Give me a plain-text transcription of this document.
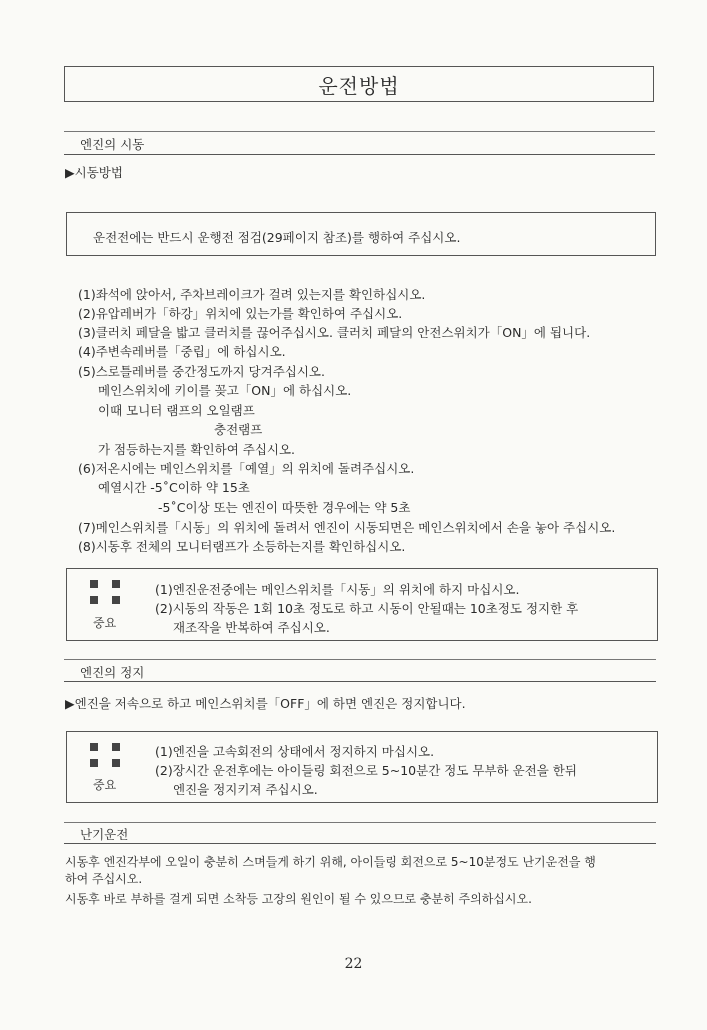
운전방법
엔진의 시동
▶시동방법
운전전에는 반드시 운행전 점검(29페이지 참조)를 행하여 주십시오.
(1)좌석에 앉아서, 주차브레이크가 걸려 있는지를 확인하십시오.
(2)유압레버가「하강」위치에 있는가를 확인하여 주십시오.
(3)클러치 페달을 밟고 클러치를 끊어주십시오. 클러치 페달의 안전스위치가「ON」에 됩니다.
(4)주변속레버를「중립」에 하십시오.
(5)스로틀레버를 중간정도까지 당겨주십시오.
메인스위치에 키이를 꽂고「ON」에 하십시오.
이때 모니터 램프의 오일램프
충전램프
가 점등하는지를 확인하여 주십시오.
(6)저온시에는 메인스위치를「예열」의 위치에 돌려주십시오.
예열시간 -5˚C이하 약 15초
-5˚C이상 또는 엔진이 따뜻한 경우에는 약 5초
(7)메인스위치를「시동」의 위치에 돌려서 엔진이 시동되면은 메인스위치에서 손을 놓아 주십시오.
(8)시동후 전체의 모니터램프가 소등하는지를 확인하십시오.
중요
(1)엔진운전중에는 메인스위치를「시동」의 위치에 하지 마십시오.
(2)시동의 작동은 1회 10초 정도로 하고 시동이 안될때는 10초정도 정지한 후
재조작을 반복하여 주십시오.
엔진의 정지
▶엔진을 저속으로 하고 메인스위치를「OFF」에 하면 엔진은 정지합니다.
중요
(1)엔진을 고속회전의 상태에서 정지하지 마십시오.
(2)장시간 운전후에는 아이들링 회전으로 5~10분간 정도 무부하 운전을 한뒤
엔진을 정지키져 주십시오.
난기운전
시동후 엔진각부에 오일이 충분히 스며들게 하기 위해, 아이들링 회전으로 5~10분정도 난기운전을 행
하여 주십시오.
시동후 바로 부하를 걸게 되면 소착등 고장의 원인이 될 수 있으므로 충분히 주의하십시오.
22
